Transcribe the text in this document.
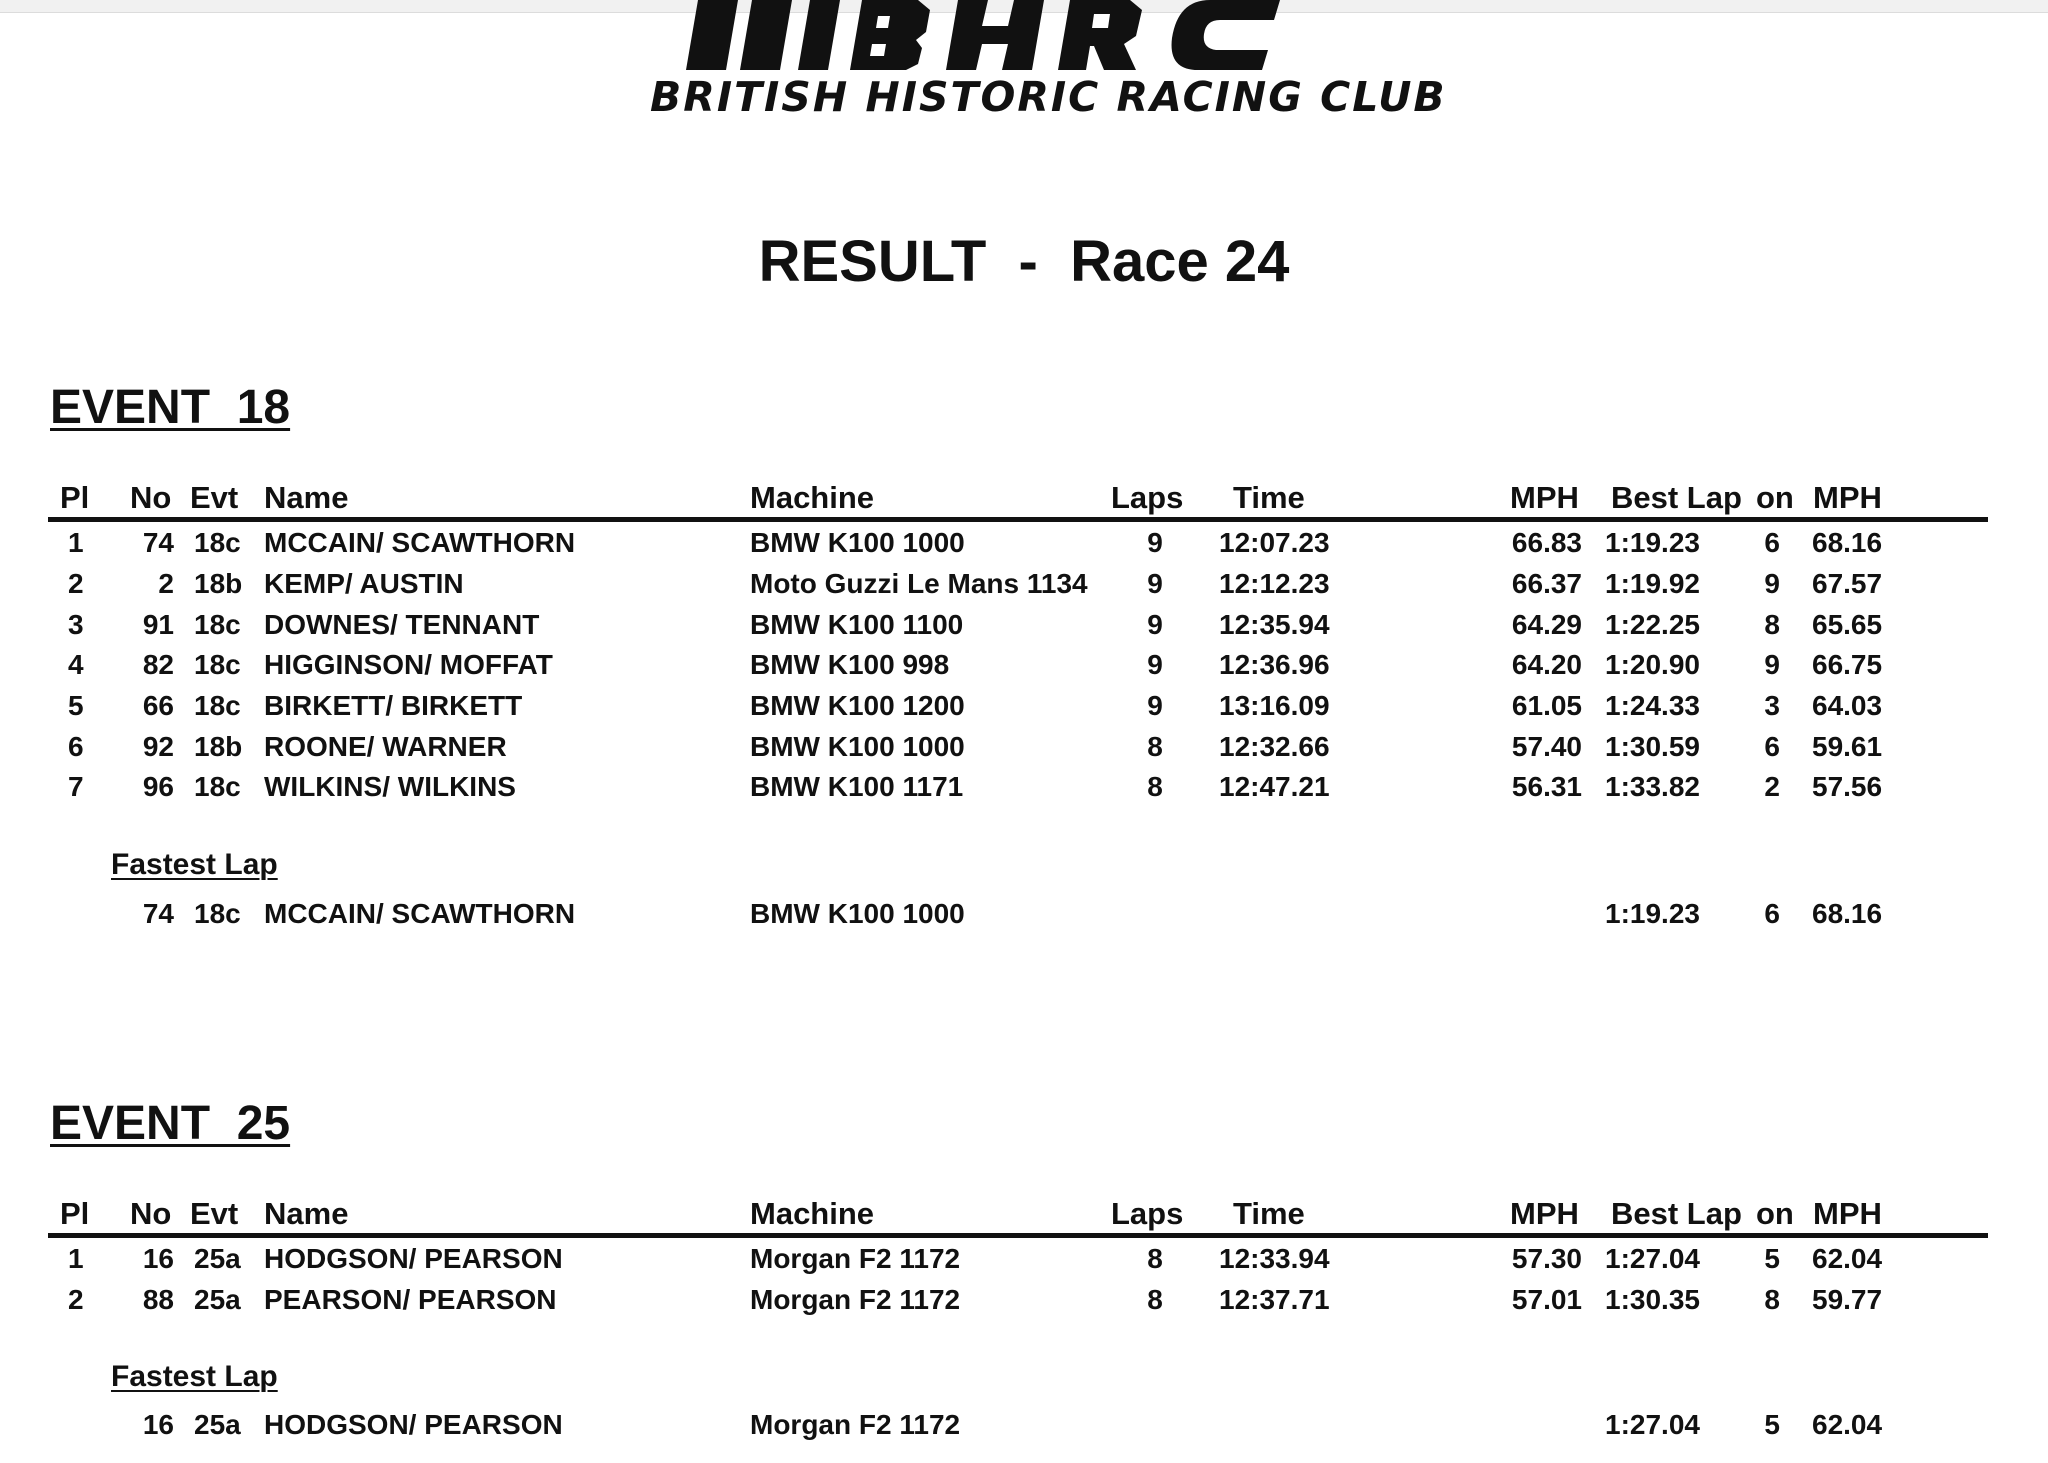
BRITISH HISTORIC RACING CLUB
RESULT  -  Race 24
EVENT  18
Pl No Evt Name	Machine	Laps Time	MPH Best Lap on MPH
1	74 18c MCCAIN/ SCAWTHORN	BMW K100 1000	9	12:07.23	66.83 1:19.23	6 68.16
2	2 18b KEMP/ AUSTIN	Moto Guzzi Le Mans 1134	9	12:12.23	66.37 1:19.92	9 67.57
3	91 18c DOWNES/ TENNANT	BMW K100 1100	9	12:35.94	64.29 1:22.25	8 65.65
4	82 18c HIGGINSON/ MOFFAT	BMW K100 998	9	12:36.96	64.20 1:20.90	9 66.75
5	66 18c BIRKETT/ BIRKETT	BMW K100 1200	9	13:16.09	61.05 1:24.33	3 64.03
6	92 18b ROONE/ WARNER	BMW K100 1000	8	12:32.66	57.40 1:30.59	6 59.61
7	96 18c WILKINS/ WILKINS	BMW K100 1171	8	12:47.21	56.31 1:33.82	2 57.56
Fastest Lap
74 18c MCCAIN/ SCAWTHORN	BMW K100 1000	1:19.23	6 68.16
EVENT  25
Pl No Evt Name	Machine	Laps Time	MPH Best Lap on MPH
1	16 25a HODGSON/ PEARSON	Morgan F2 1172	8	12:33.94	57.30 1:27.04	5 62.04
2	88 25a PEARSON/ PEARSON	Morgan F2 1172	8	12:37.71	57.01 1:30.35	8 59.77
Fastest Lap
16 25a HODGSON/ PEARSON	Morgan F2 1172	1:27.04	5 62.04
